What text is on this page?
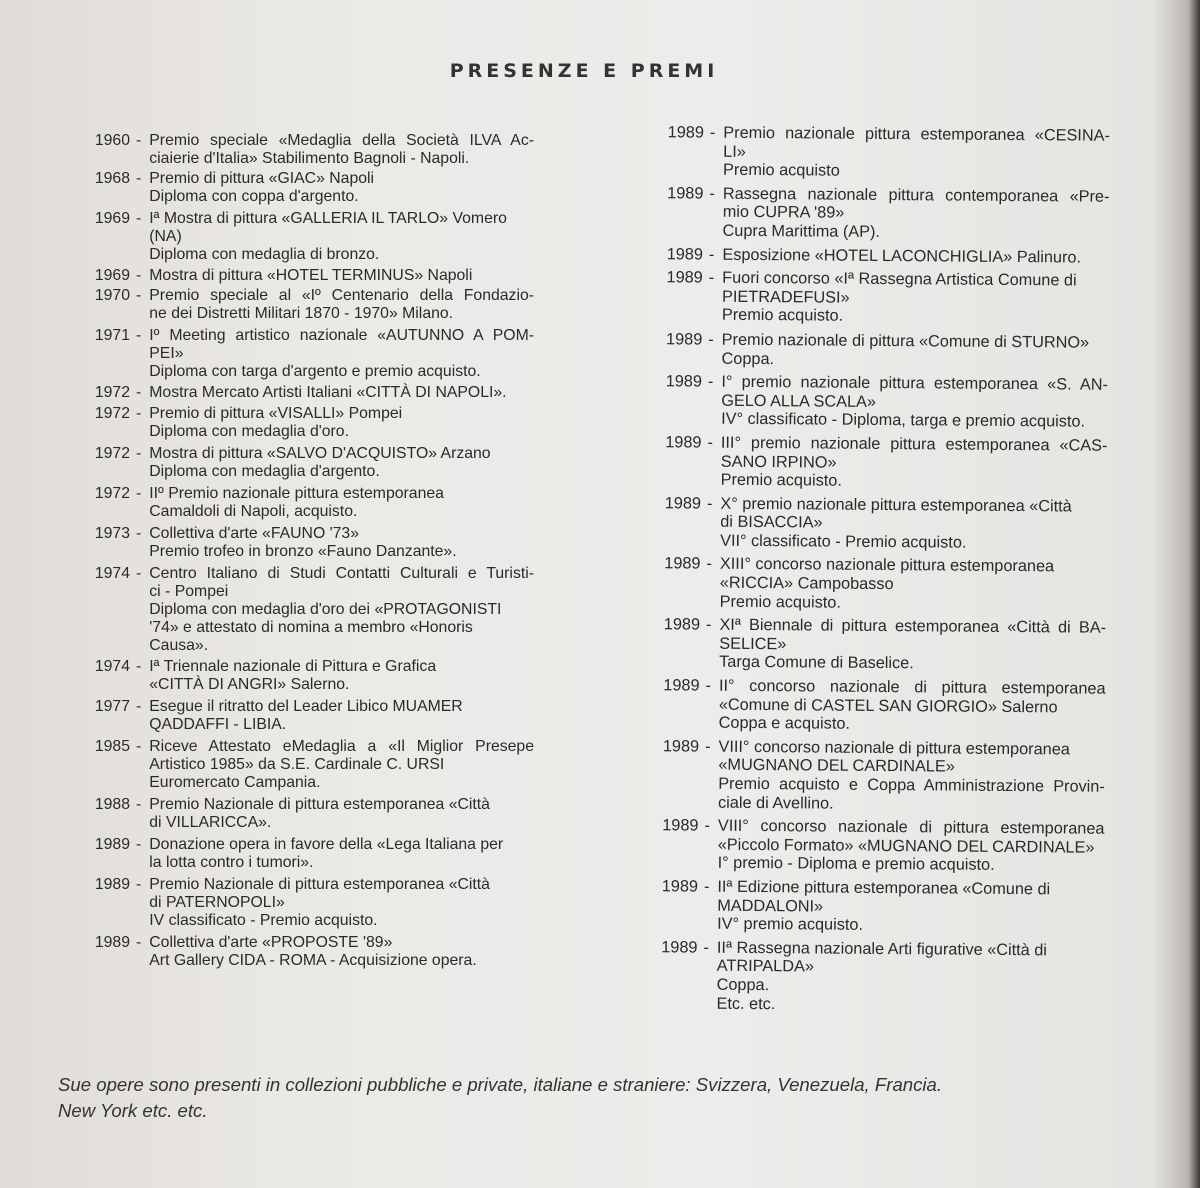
PRESENZE E PREMI
1960 - Premio speciale «Medaglia della Società ILVA Ac-
ciaierie d'Italia» Stabilimento Bagnoli - Napoli.
1968 - Premio di pittura «GIAC» Napoli
Diploma con coppa d'argento.
1969 - Iª Mostra di pittura «GALLERIA IL TARLO» Vomero
(NA)
Diploma con medaglia di bronzo.
1969 - Mostra di pittura «HOTEL TERMINUS» Napoli
1970 - Premio speciale al «Iº Centenario della Fondazio-
ne dei Distretti Militari 1870 - 1970» Milano.
1971 - Iº Meeting artistico nazionale «AUTUNNO A POM-
PEI»
Diploma con targa d'argento e premio acquisto.
1972 - Mostra Mercato Artisti Italiani «CITTÀ DI NAPOLI».
1972 - Premio di pittura «VISALLI» Pompei
Diploma con medaglia d'oro.
1972 - Mostra di pittura «SALVO D'ACQUISTO» Arzano
Diploma con medaglia d'argento.
1972 - IIº Premio nazionale pittura estemporanea
Camaldoli di Napoli, acquisto.
1973 - Collettiva d'arte «FAUNO '73»
Premio trofeo in bronzo «Fauno Danzante».
1974 - Centro Italiano di Studi Contatti Culturali e Turisti-
ci - Pompei
Diploma con medaglia d'oro dei «PROTAGONISTI
'74» e attestato di nomina a membro «Honoris
Causa».
1974 - Iª Triennale nazionale di Pittura e Grafica
«CITTÀ DI ANGRI» Salerno.
1977 - Esegue il ritratto del Leader Libico MUAMER
QADDAFFI - LIBIA.
1985 - Riceve Attestato eMedaglia a «Il Miglior Presepe
Artistico 1985» da S.E. Cardinale C. URSI
Euromercato Campania.
1988 - Premio Nazionale di pittura estemporanea «Città
di VILLARICCA».
1989 - Donazione opera in favore della «Lega Italiana per
la lotta contro i tumori».
1989 - Premio Nazionale di pittura estemporanea «Città
di PATERNOPOLI»
IV classificato - Premio acquisto.
1989 - Collettiva d'arte «PROPOSTE '89»
Art Gallery CIDA - ROMA - Acquisizione opera.
1989 - Premio nazionale pittura estemporanea «CESINA-
LI»
Premio acquisto
1989 - Rassegna nazionale pittura contemporanea «Pre-
mio CUPRA '89»
Cupra Marittima (AP).
1989 - Esposizione «HOTEL LACONCHIGLIA» Palinuro.
1989 - Fuori concorso «Iª Rassegna Artistica Comune di
PIETRADEFUSI»
Premio acquisto.
1989 - Premio nazionale di pittura «Comune di STURNO»
Coppa.
1989 - I° premio nazionale pittura estemporanea «S. AN-
GELO ALLA SCALA»
IV° classificato - Diploma, targa e premio acquisto.
1989 - III° premio nazionale pittura estemporanea «CAS-
SANO IRPINO»
Premio acquisto.
1989 - X° premio nazionale pittura estemporanea «Città
di BISACCIA»
VII° classificato - Premio acquisto.
1989 - XIII° concorso nazionale pittura estemporanea
«RICCIA» Campobasso
Premio acquisto.
1989 - XIª Biennale di pittura estemporanea «Città di BA-
SELICE»
Targa Comune di Baselice.
1989 - II° concorso nazionale di pittura estemporanea
«Comune di CASTEL SAN GIORGIO» Salerno
Coppa e acquisto.
1989 - VIII° concorso nazionale di pittura estemporanea
«MUGNANO DEL CARDINALE»
Premio acquisto e Coppa Amministrazione Provin-
ciale di Avellino.
1989 - VIII° concorso nazionale di pittura estemporanea
«Piccolo Formato» «MUGNANO DEL CARDINALE»
I° premio - Diploma e premio acquisto.
1989 - IIª Edizione pittura estemporanea «Comune di
MADDALONI»
IV° premio acquisto.
1989 - IIª Rassegna nazionale Arti figurative «Città di
ATRIPALDA»
Coppa.
Etc. etc.
Sue opere sono presenti in collezioni pubbliche e private, italiane e straniere: Svizzera, Venezuela, Francia.
New York etc. etc.
